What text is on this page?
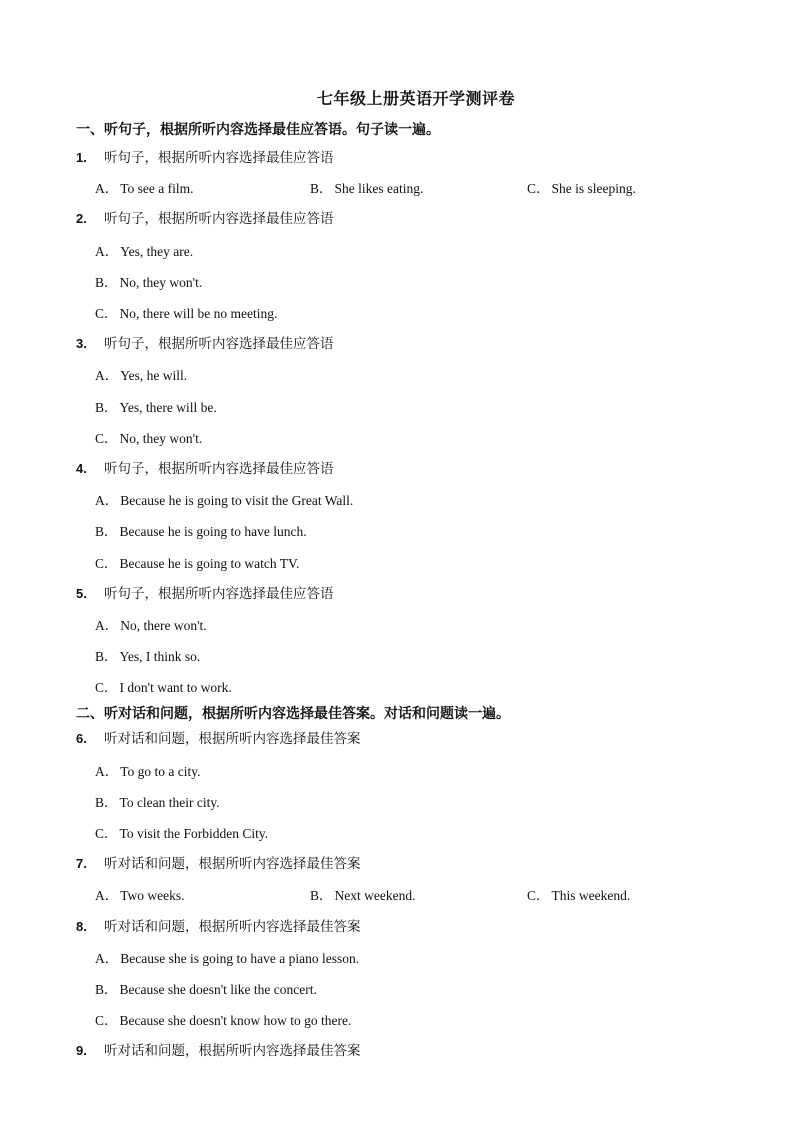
七年级上册英语开学测评卷
一、听句子，根据所听内容选择最佳应答语。句子读一遍。
1. 听句子，根据所听内容选择最佳应答语
A． To see a film.	B． She likes eating.	C． She is sleeping.
2. 听句子，根据所听内容选择最佳应答语
A． Yes, they are.
B． No, they won't.
C． No, there will be no meeting.
3. 听句子，根据所听内容选择最佳应答语
A． Yes, he will.
B． Yes, there will be.
C． No, they won't.
4. 听句子，根据所听内容选择最佳应答语
A． Because he is going to visit the Great Wall.
B． Because he is going to have lunch.
C． Because he is going to watch TV.
5. 听句子，根据所听内容选择最佳应答语
A． No, there won't.
B． Yes, I think so.
C． I don't want to work.
二、听对话和问题，根据所听内容选择最佳答案。对话和问题读一遍。
6. 听对话和问题，根据所听内容选择最佳答案
A． To go to a city.
B． To clean their city.
C． To visit the Forbidden City.
7. 听对话和问题，根据所听内容选择最佳答案
A． Two weeks.	B． Next weekend.	C． This weekend.
8. 听对话和问题，根据所听内容选择最佳答案
A． Because she is going to have a piano lesson.
B． Because she doesn't like the concert.
C． Because she doesn't know how to go there.
9. 听对话和问题，根据所听内容选择最佳答案
